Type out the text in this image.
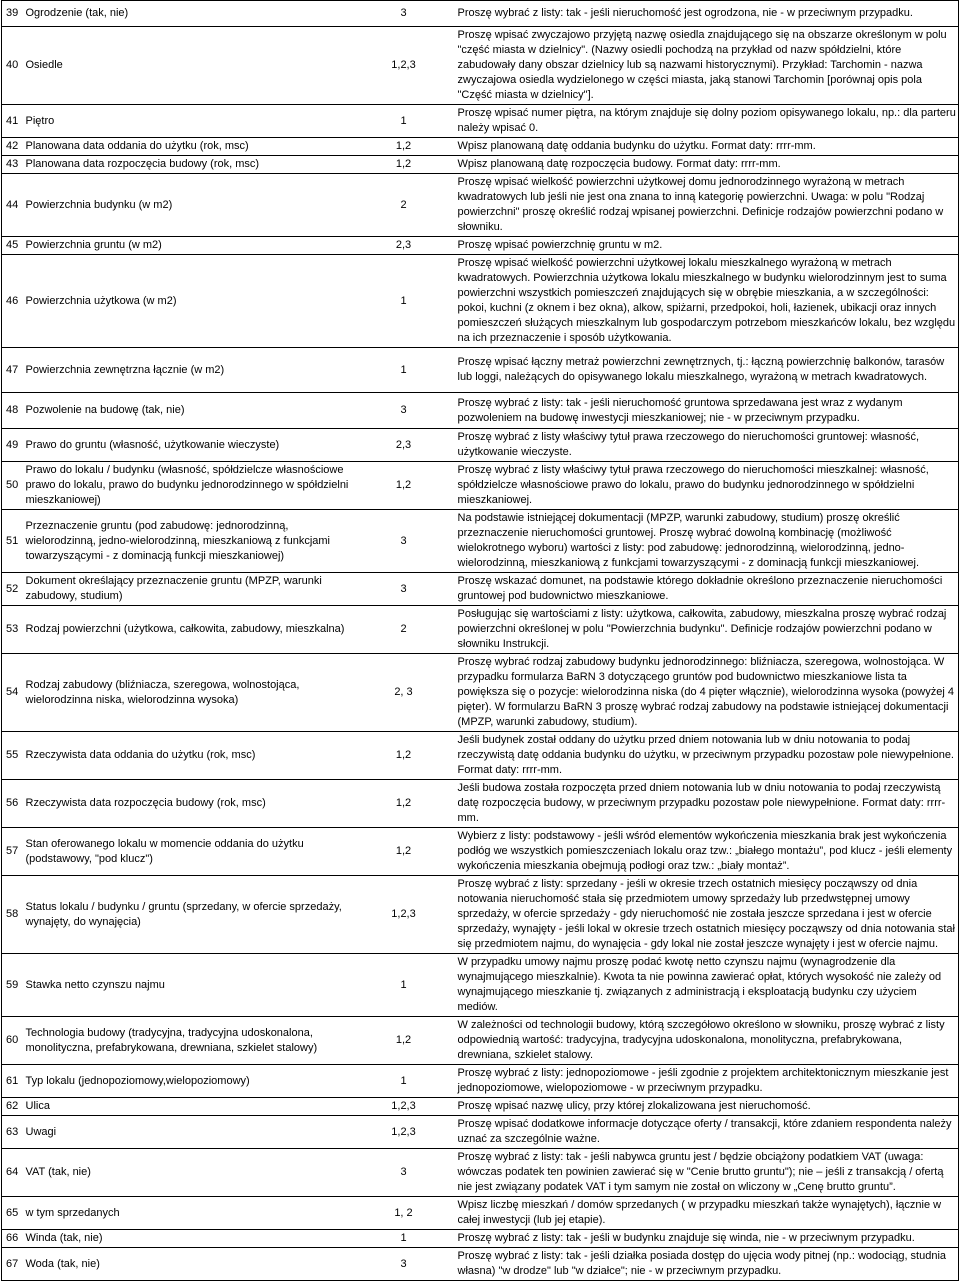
39	Ogrodzenie (tak, nie)	3	Proszę wybrać z listy: tak - jeśli nieruchomość jest ogrodzona, nie - w przeciwnym przypadku.
40	Osiedle	1,2,3	Proszę wpisać zwyczajowo przyjętą nazwę osiedla znajdującego się na obszarze określonym w polu "część miasta w dzielnicy". (Nazwy osiedli pochodzą na przykład od nazw spółdzielni, które zabudowały dany obszar dzielnicy lub są nazwami historycznymi). Przykład: Tarchomin - nazwa zwyczajowa osiedla wydzielonego w części miasta, jaką stanowi Tarchomin [porównaj opis pola "Część miasta w dzielnicy"].
41	Piętro	1	Proszę wpisać numer piętra, na którym znajduje się dolny poziom opisywanego lokalu, np.: dla parteru należy wpisać 0.
42	Planowana data oddania do użytku (rok, msc)	1,2	Wpisz planowaną datę oddania budynku do użytku. Format daty: rrrr-mm.
43	Planowana data rozpoczęcia budowy (rok, msc)	1,2	Wpisz planowaną datę rozpoczęcia budowy. Format daty: rrrr-mm.
44	Powierzchnia budynku (w m2)	2	Proszę wpisać wielkość powierzchni użytkowej domu jednorodzinnego wyrażoną w metrach kwadratowych lub jeśli nie jest ona znana to inną kategorię powierzchni. Uwaga: w polu "Rodzaj powierzchni" proszę określić rodzaj wpisanej powierzchni. Definicje rodzajów powierzchni podano w słowniku.
45	Powierzchnia gruntu (w m2)	2,3	Proszę wpisać powierzchnię gruntu w m2.
46	Powierzchnia użytkowa (w m2)	1	Proszę wpisać wielkość powierzchni użytkowej lokalu mieszkalnego wyrażoną w metrach kwadratowych. Powierzchnia użytkowa lokalu mieszkalnego w budynku wielorodzinnym jest to suma powierzchni wszystkich pomieszczeń znajdujących się w obrębie mieszkania, a w szczególności: pokoi, kuchni (z oknem i bez okna), alkow, spiżarni, przedpokoi, holi, łazienek, ubikacji oraz innych pomieszczeń służących mieszkalnym lub gospodarczym potrzebom mieszkańców lokalu, bez względu na ich przeznaczenie i sposób użytkowania.
47	Powierzchnia zewnętrzna łącznie (w m2)	1	Proszę wpisać łączny metraż powierzchni zewnętrznych, tj.: łączną powierzchnię balkonów, tarasów lub loggi, należących do opisywanego lokalu mieszkalnego, wyrażoną w metrach kwadratowych.
48	Pozwolenie na budowę (tak, nie)	3	Proszę wybrać z listy: tak - jeśli nieruchomość gruntowa sprzedawana jest wraz z wydanym pozwoleniem na budowę inwestycji mieszkaniowej; nie - w przeciwnym przypadku.
49	Prawo do gruntu (własność, użytkowanie wieczyste)	2,3	Proszę wybrać z listy właściwy tytuł prawa rzeczowego do nieruchomości gruntowej: własność, użytkowanie wieczyste.
50	Prawo do lokalu / budynku (własność, spółdzielcze własnościowe prawo do lokalu, prawo do budynku jednorodzinnego w spółdzielni mieszkaniowej)	1,2	Proszę wybrać z listy właściwy tytuł prawa rzeczowego do nieruchomości mieszkalnej: własność, spółdzielcze własnościowe prawo do lokalu, prawo do budynku jednorodzinnego w spółdzielni mieszkaniowej.
51	Przeznaczenie gruntu (pod zabudowę: jednorodzinną, wielorodzinną, jedno-wielorodzinną, mieszkaniową z funkcjami towarzyszącymi - z dominacją funkcji mieszkaniowej)	3	Na podstawie istniejącej dokumentacji (MPZP, warunki zabudowy, studium) proszę określić przeznaczenie nieruchomości gruntowej. Proszę wybrać dowolną kombinację (możliwość wielokrotnego wyboru) wartości z listy: pod zabudowę: jednorodzinną, wielorodzinną, jedno-wielorodzinną, mieszkaniową z funkcjami towarzyszącymi - z dominacją funkcji mieszkaniowej.
52	Dokument określający przeznaczenie gruntu (MPZP, warunki zabudowy, studium)	3	Proszę wskazać domunet, na podstawie którego dokładnie określono przeznaczenie nieruchomości gruntowej pod budownictwo mieszkaniowe.
53	Rodzaj powierzchni (użytkowa, całkowita, zabudowy, mieszkalna)	2	Posługując się wartościami z listy: użytkowa, całkowita, zabudowy, mieszkalna proszę wybrać rodzaj powierzchni określonej w polu "Powierzchnia budynku". Definicje rodzajów powierzchni podano w słowniku Instrukcji.
54	Rodzaj zabudowy (bliźniacza, szeregowa, wolnostojąca, wielorodzinna niska, wielorodzinna wysoka)	2, 3	Proszę wybrać rodzaj zabudowy budynku jednorodzinnego: bliźniacza, szeregowa, wolnostojąca. W przypadku formularza BaRN 3 dotyczącego gruntów pod budownictwo mieszkaniowe lista ta powiększa się o pozycje: wielorodzinna niska (do 4 pięter włącznie), wielorodzinna wysoka (powyżej 4 pięter). W formularzu BaRN 3 proszę wybrać rodzaj zabudowy na podstawie istniejącej dokumentacji (MPZP, warunki zabudowy, studium).
55	Rzeczywista data oddania do użytku (rok, msc)	1,2	Jeśli budynek został oddany do użytku przed dniem notowania lub w dniu notowania to podaj rzeczywistą datę oddania budynku do użytku, w przeciwnym przypadku pozostaw pole niewypełnione. Format daty: rrrr-mm.
56	Rzeczywista data rozpoczęcia budowy (rok, msc)	1,2	Jeśli budowa została rozpoczęta przed dniem notowania lub w dniu notowania to podaj rzeczywistą datę rozpoczęcia budowy, w przeciwnym przypadku pozostaw pole niewypełnione. Format daty: rrrr-mm.
57	Stan oferowanego lokalu w momencie oddania do użytku (podstawowy, "pod klucz")	1,2	Wybierz z listy: podstawowy - jeśli wśród elementów wykończenia mieszkania brak jest wykończenia podłóg we wszystkich pomieszczeniach lokalu oraz tzw.: „białego montażu”, pod klucz - jeśli elementy wykończenia mieszkania obejmują podłogi oraz tzw.: „biały montaż”.
58	Status lokalu / budynku / gruntu (sprzedany, w ofercie sprzedaży, wynajęty, do wynajęcia)	1,2,3	Proszę wybrać z listy: sprzedany - jeśli w okresie trzech ostatnich miesięcy począwszy od dnia notowania nieruchomość stała się przedmiotem umowy sprzedaży lub przedwstępnej umowy sprzedaży, w ofercie sprzedaży - gdy nieruchomość nie została jeszcze sprzedana i jest w ofercie sprzedaży, wynajęty - jeśli lokal w okresie trzech ostatnich miesięcy począwszy od dnia notowania stał się przedmiotem najmu, do wynajęcia - gdy lokal nie został jeszcze wynajęty i jest w ofercie najmu.
59	Stawka netto czynszu najmu	1	W przypadku umowy najmu proszę podać kwotę netto czynszu najmu (wynagrodzenie dla wynajmującego mieszkalnie). Kwota ta nie powinna zawierać opłat, których wysokość nie zależy od wynajmującego mieszkanie tj. związanych z administracją i eksploatacją budynku czy użyciem mediów.
60	Technologia budowy (tradycyjna, tradycyjna udoskonalona, monolityczna, prefabrykowana, drewniana, szkielet stalowy)	1,2	W zależności od technologii budowy, którą szczegółowo określono w słowniku, proszę wybrać z listy odpowiednią wartość: tradycyjna, tradycyjna udoskonalona, monolityczna, prefabrykowana, drewniana, szkielet stalowy.
61	Typ lokalu (jednopoziomowy,wielopoziomowy)	1	Proszę wybrać z listy: jednopoziomowe - jeśli zgodnie z projektem architektonicznym mieszkanie jest jednopoziomowe, wielopoziomowe - w przeciwnym przypadku.
62	Ulica	1,2,3	Proszę wpisać nazwę ulicy, przy której zlokalizowana jest nieruchomość.
63	Uwagi	1,2,3	Proszę wpisać dodatkowe informacje dotyczące oferty / transakcji, które zdaniem respondenta należy uznać za szczególnie ważne.
64	VAT (tak, nie)	3	Proszę wybrać z listy: tak - jeśli nabywca gruntu jest / będzie obciążony podatkiem VAT (uwaga: wówczas podatek ten powinien zawierać się w "Cenie brutto gruntu"); nie – jeśli z transakcją / ofertą nie jest związany podatek VAT i tym samym nie został on wliczony w „Cenę brutto gruntu”.
65	w tym sprzedanych	1, 2	Wpisz liczbę mieszkań / domów sprzedanych ( w przypadku mieszkań także wynajętych), łącznie w całej inwestycji (lub jej etapie).
66	Winda (tak, nie)	1	Proszę wybrać z listy: tak - jeśli w budynku znajduje się winda, nie - w przeciwnym przypadku.
67	Woda (tak, nie)	3	Proszę wybrać z listy: tak - jeśli działka posiada dostęp do ujęcia wody pitnej (np.: wodociąg, studnia własna) "w drodze" lub "w działce"; nie - w przeciwnym przypadku.
